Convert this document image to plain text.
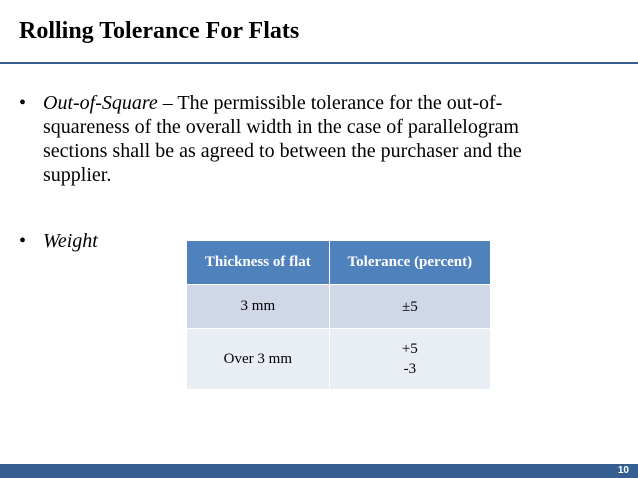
Rolling Tolerance For Flats
• Out-of-Square – The permissible tolerance for the out-of-squareness of the overall width in the case of parallelogram sections shall be as agreed to between the purchaser and the supplier.
• Weight
Thickness of flat	Tolerance (percent)
3 mm	±5

Over 3 mm	+5
-3
10
